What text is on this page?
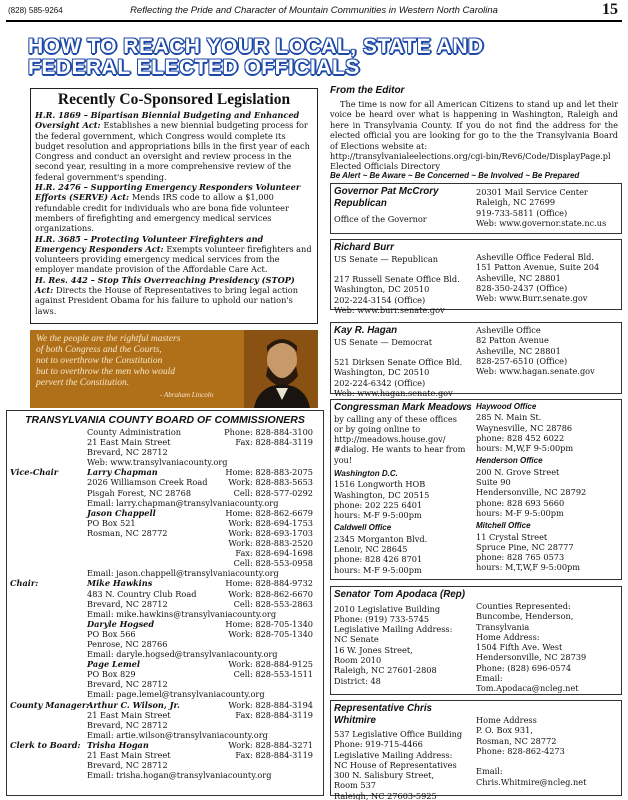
(828) 585-9264	Reflecting the Pride and Character of Mountain Communities in Western North Carolina	15
HOW TO REACH YOUR LOCAL, STATE AND
FEDERAL ELECTED OFFICIALS
Recently Co-Sponsored Legislation
H.R. 1869 – Bipartisan Biennial Budgeting and Enhanced Oversight Act: Establishes a new biennial budgeting process for the federal government, which Congress would complete its budget resolution and appropriations bills in the first year of each Congress and conduct an oversight and review process in the second year, resulting in a more comprehensive review of the federal government's spending.
H.R. 2476 – Supporting Emergency Responders Volunteer Efforts (SERVE) Act: Mends IRS code to allow a $1,000 refundable credit for individuals who are bona fide volunteer members of firefighting and emergency medical services organizations.
H.R. 3685 – Protecting Volunteer Firefighters and Emergency Responders Act: Exempts volunteer firefighters and volunteers providing emergency medical services from the employer mandate provision of the Affordable Care Act.
H. Res. 442 – Stop This Overreaching Presidency (STOP) Act: Directs the House of Representatives to bring legal action against President Obama for his failure to uphold our nation's laws.
We the people are the rightful masters
of both Congress and the Courts,
not to overthrow the Constitution
but to overthrow the men who would
pervert the Constitution.
- Abraham Lincoln
TRANSYLVANIA COUNTY BOARD OF COMMISSIONERS
County Administration	Phone: 828-884-3100
21 East Main Street	Fax: 828-884-3119
Brevard, NC 28712
Web: www.transylvaniacounty.org
Vice-Chair	Larry Chapman	Home: 828-883-2075
2026 Williamson Creek Road	Work: 828-883-5653
Pisgah Forest, NC 28768	Cell: 828-577-0292
Email: larry.chapman@transylvaniacounty.org
Jason Chappell	Home: 828-862-6679
PO Box 521	Work: 828-694-1753
Rosman, NC 28772	Work: 828-693-1703
Work: 828-883-2520
Fax: 828-694-1698
Cell: 828-553-0958
Email: jason.chappell@transylvaniacounty.org
Chair:	Mike Hawkins	Home: 828-884-9732
483 N. Country Club Road	Work: 828-862-6670
Brevard, NC 28712	Cell: 828-553-2863
Email: mike.hawkins@transylvaniacounty.org
Daryle Hogsed	Home: 828-705-1340
PO Box 566	Work: 828-705-1340
Penrose, NC 28766
Email: daryle.hogsed@transylvaniacounty.org
Page Lemel	Work: 828-884-9125
PO Box 829	Cell: 828-553-1511
Brevard, NC 28712
Email: page.lemel@transylvaniacounty.org
County Manager:
Arthur C. Wilson, Jr.	Work: 828-884-3194
21 East Main Street	Fax: 828-884-3119
Brevard, NC 28712
Email: artie.wilson@transylvaniacounty.org
Clerk to Board: Trisha Hogan	Work: 828-884-3271
21 East Main Street	Fax: 828-884-3119
Brevard, NC 28712
Email: trisha.hogan@transylvaniacounty.org
From the Editor
The time is now for all American Citizens to stand up and let their voice be heard over what is happening in Washington, Raleigh and here in Transylvania County. If you do not find the address for the elected official you are looking for go to the the Transylvania Board of Elections website at:
http://transylvanialeelections.org/cgi-bin/Rev6/Code/DisplayPage.pl
Elected Officials Directory
Be Alert ~ Be Aware ~ Be Concerned ~ Be Involved ~ Be Prepared
Governor Pat McCrory
Republican
Office of the Governor
20301 Mail Service Center
Raleigh, NC 27699
919-733-5811 (Office)
Web: www.governor.state.nc.us
Richard Burr
US Senate — Republican

217 Russell Senate Office Bld.
Washington, DC 20510
202-224-3154 (Office)
Web: www.burr.senate.gov
Asheville Office Federal Bld.
151 Patton Avenue, Suite 204
Asheville, NC 28801
828-350-2437 (Office)
Web: www.Burr.senate.gov
Kay R. Hagan
US Senate — Democrat

521 Dirksen Senate Office Bld.
Washington, DC 20510
202-224-6342 (Office)
Web: www.hagan.senate.gov
Asheville Office
82 Patton Avenue
Asheville, NC 28801
828-257-6510 (Office)
Web: www.hagan.senate.gov
Congressman Mark Meadows
by calling any of these offices
or by going online to
http://meadows.house.gov/
#dialog. He wants to hear from
you!
Washington D.C.
1516 Longworth HOB
Washington, DC 20515
phone: 202 225 6401
hours: M-F 9-5:00pm
Caldwell Office
2345 Morganton Blvd.
Lenoir, NC 28645
phone: 828 426 8701
hours: M-F 9-5:00pm
Haywood Office
285 N. Main St.
Waynesville, NC 28786
phone: 828 452 6022
hours: M,W,F 9-5:00pm
Henderson Office
200 N. Grove Street
Suite 90
Hendersonville, NC 28792
phone: 828 693 5660
hours: M-F 9-5:00pm
Mitchell Office
11 Crystal Street
Spruce Pine, NC 28777
phone: 828 765 0573
hours: M,T,W,F 9-5:00pm
Senator Tom Apodaca (Rep)
2010 Legislative Building
Phone: (919) 733-5745
Legislative Mailing Address:
NC Senate
16 W. Jones Street,
Room 2010
Raleigh, NC 27601-2808
District: 48
Counties Represented:
Buncombe, Henderson,
Transylvania
Home Address:
1504 Fifth Ave. West
Hendersonville, NC 28739
Phone: (828) 696-0574
Email:
Tom.Apodaca@ncleg.net
Representative Chris Whitmire
537 Legislative Office Building
Phone: 919-715-4466
Legislative Mailing Address:
NC House of Representatives
300 N. Salisbury Street,
Room 537
Raleigh, NC 27603-5925
Home Address
P. O. Box 931,
Rosman, NC 28772
Phone: 828-862-4273

Email:
Chris.Whitmire@ncleg.net
